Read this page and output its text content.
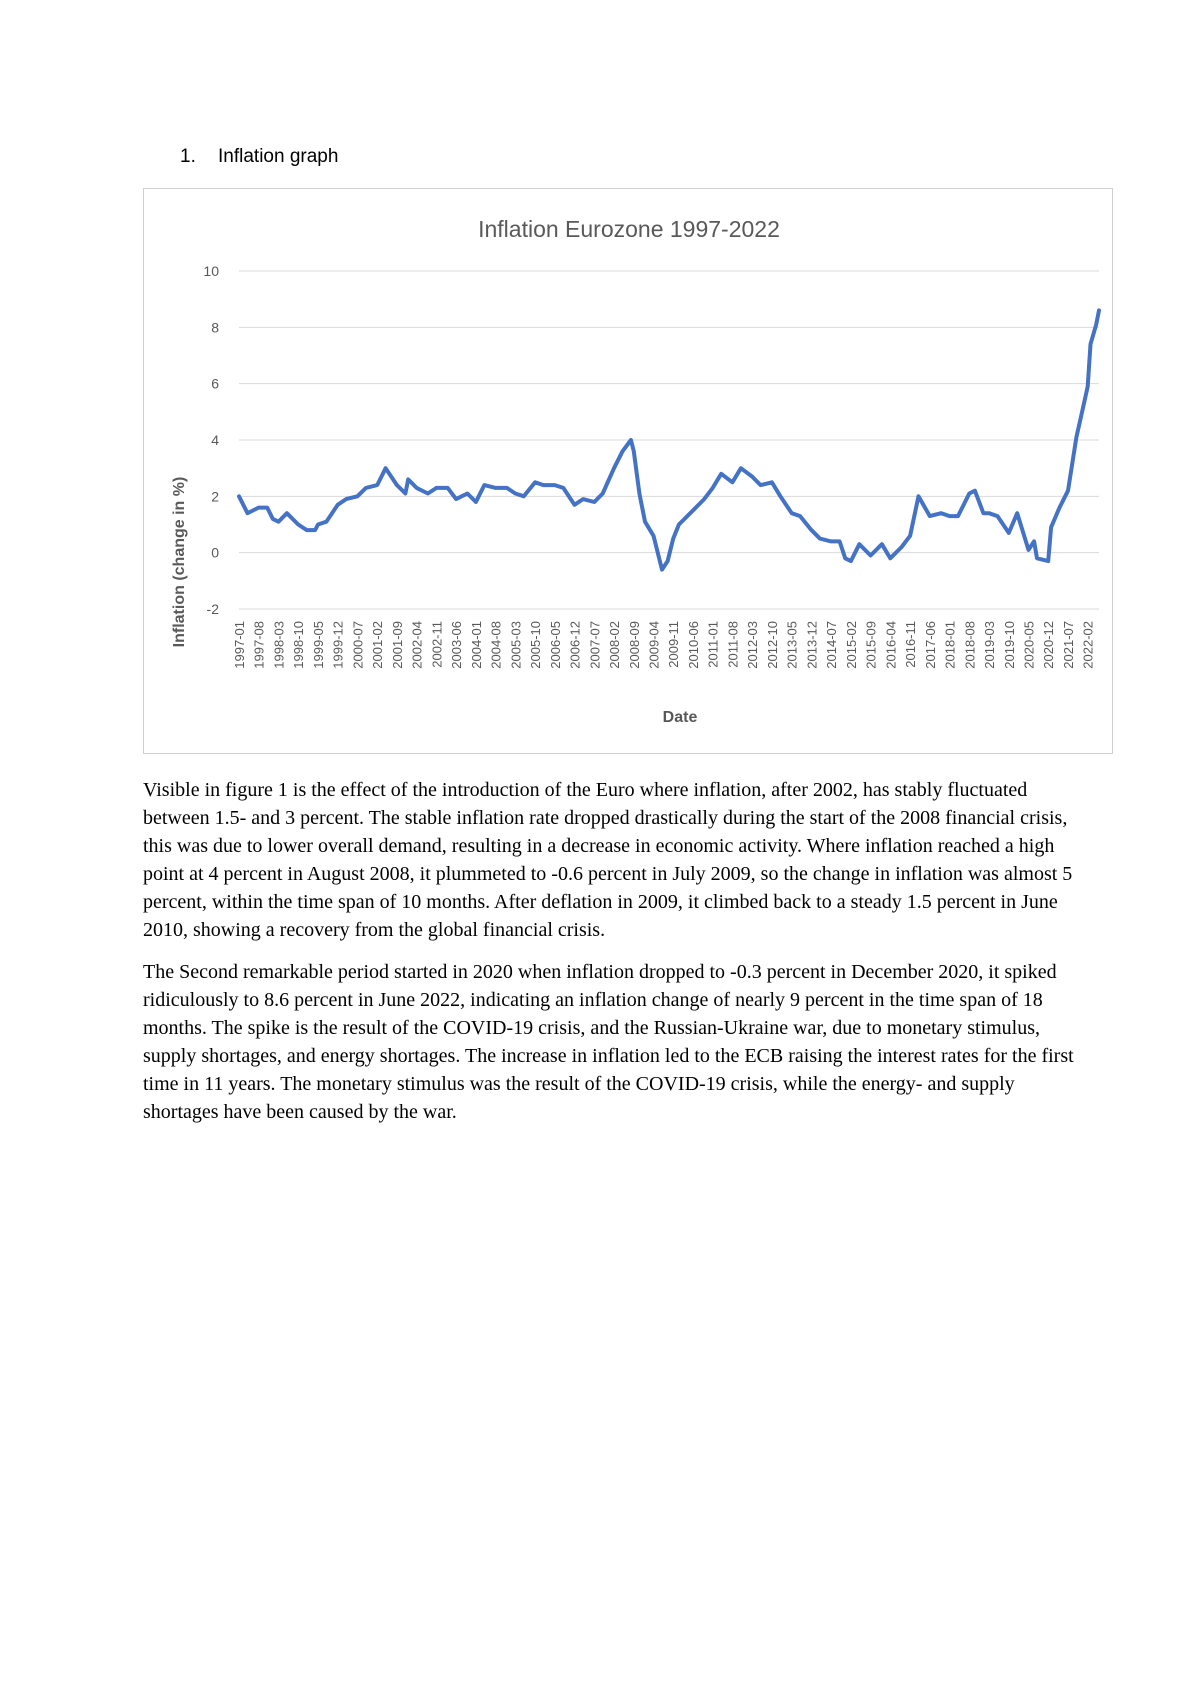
1. Inflation graph
Inflation Eurozone 1997-2022
-2
0
2
4
6
8
10
1997-01 1997-08 1998-03 1998-10 1999-05 1999-12 2000-07 2001-02 2001-09 2002-04 2002-11 2003-06 2004-01 2004-08 2005-03 2005-10 2006-05 2006-12 2007-07 2008-02 2008-09 2009-04 2009-11 2010-06 2011-01 2011-08 2012-03 2012-10 2013-05 2013-12 2014-07 2015-02 2015-09 2016-04 2016-11 2017-06 2018-01 2018-08 2019-03 2019-10 2020-05 2020-12 2021-07 2022-02
Date
Inflation (change in %)

Visible in figure 1 is the effect of the introduction of the Euro where inflation, after 2002, has stably fluctuated between 1.5- and 3 percent. The stable inflation rate dropped drastically during the start of the 2008 financial crisis, this was due to lower overall demand, resulting in a decrease in economic activity. Where inflation reached a high point at 4 percent in August 2008, it plummeted to -0.6 percent in July 2009, so the change in inflation was almost 5 percent, within the time span of 10 months. After deflation in 2009, it climbed back to a steady 1.5 percent in June 2010, showing a recovery from the global financial crisis.

The Second remarkable period started in 2020 when inflation dropped to -0.3 percent in December 2020, it spiked ridiculously to 8.6 percent in June 2022, indicating an inflation change of nearly 9 percent in the time span of 18 months. The spike is the result of the COVID-19 crisis, and the Russian-Ukraine war, due to monetary stimulus, supply shortages, and energy shortages. The increase in inflation led to the ECB raising the interest rates for the first time in 11 years. The monetary stimulus was the result of the COVID-19 crisis, while the energy- and supply shortages have been caused by the war.
